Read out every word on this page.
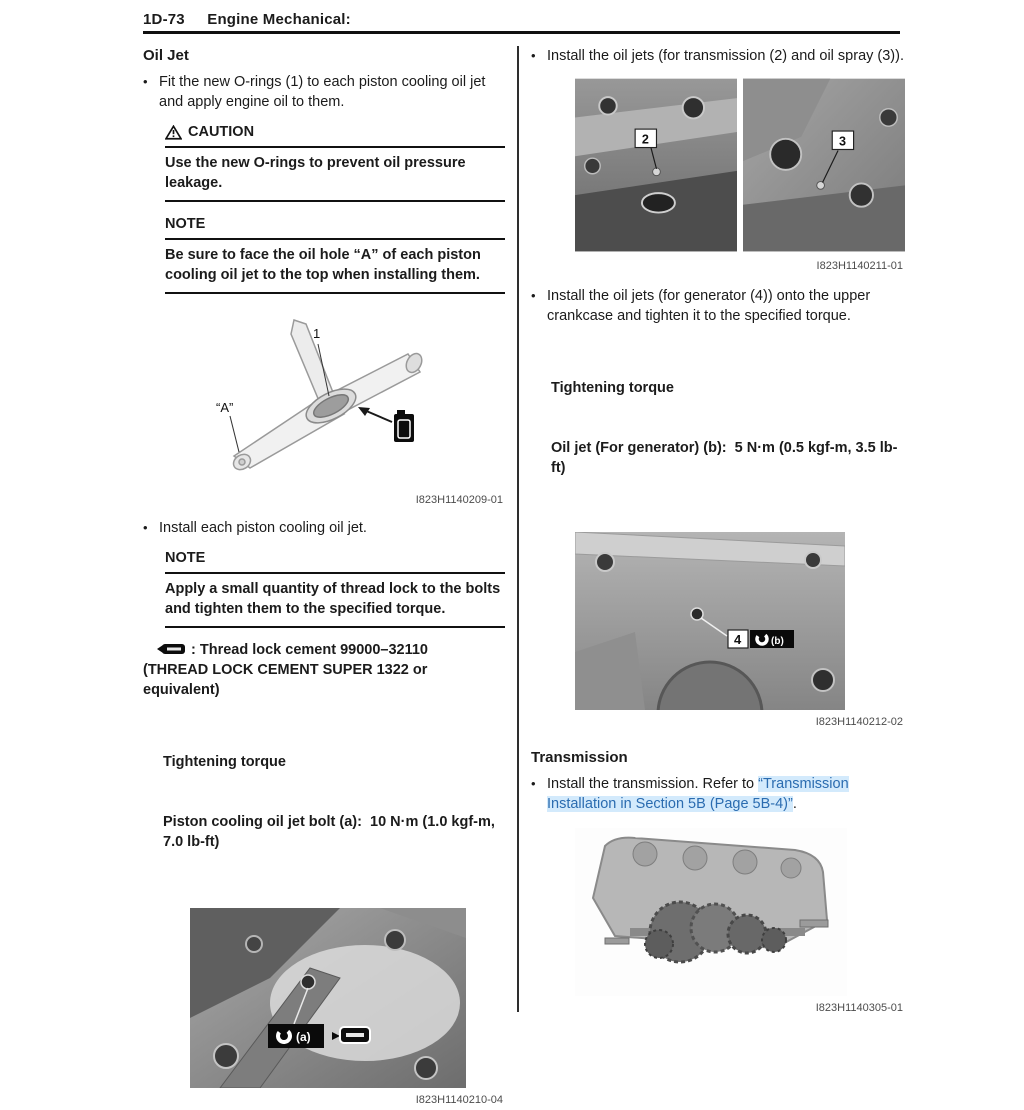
1D-73 Engine Mechanical:
Oil Jet
• Fit the new O-rings (1) to each piston cooling oil jet and apply engine oil to them.
CAUTION
Use the new O-rings to prevent oil pressure leakage.
NOTE
Be sure to face the oil hole “A” of each piston cooling oil jet to the top when installing them.
1
“A”
I823H1140209-01
• Install each piston cooling oil jet.
NOTE
Apply a small quantity of thread lock to the bolts and tighten them to the specified torque.
: Thread lock cement 99000–32110
(THREAD LOCK CEMENT SUPER 1322 or equivalent)

Tightening torque

Piston cooling oil jet bolt (a):  10 N·m (1.0 kgf-m, 7.0 lb-ft)

(a)
I823H1140210-04
• Install the oil jets (for transmission (2) and oil spray (3)).
2	3
I823H1140211-01
• Install the oil jets (for generator (4)) onto the upper crankcase and tighten it to the specified torque.

Tightening torque

Oil jet (For generator) (b):  5 N·m (0.5 kgf-m, 3.5 lb-ft)

4	(b)
I823H1140212-02
Transmission
• Install the transmission. Refer to “Transmission Installation in Section 5B (Page 5B-4)”.
I823H1140305-01
